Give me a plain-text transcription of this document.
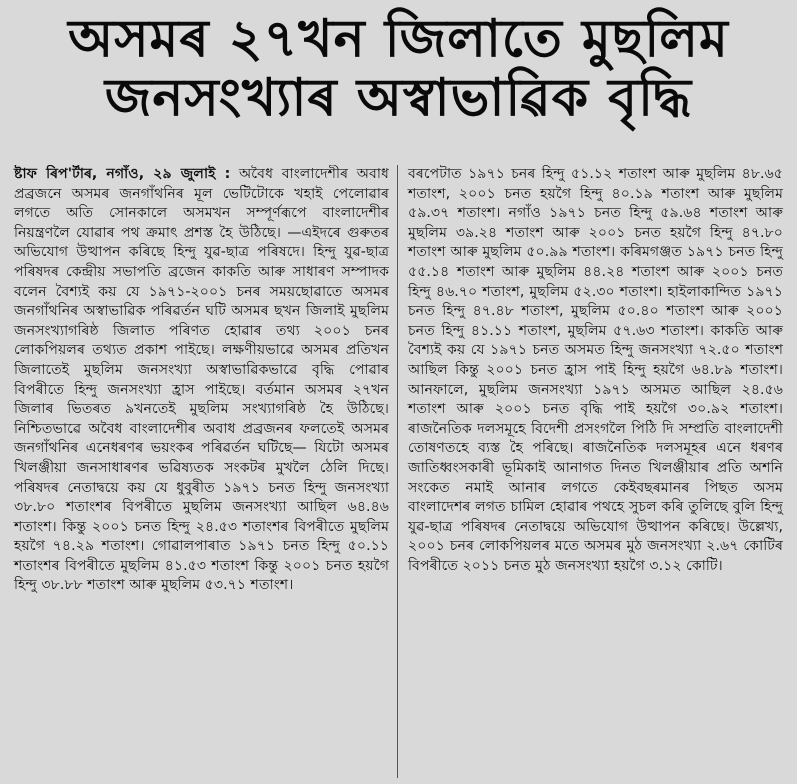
অসমৰ ২৭খন জিলাতে মুছলিম
জনসংখ্যাৰ অস্বাভাৱিক বৃদ্ধি

ষ্টাফ ৰিপ'ৰ্টাৰ, নগাঁও, ২৯ জুলাই : অবৈধ বাংলাদেশীৰ অবাধ প্ৰব্ৰজনে অসমৰ জনগাঁথনিৰ মূল ভেটিটোকে খহাই পেলোৱাৰ লগতে অতি সোনকালে অসমখন সম্পূৰ্ণৰূপে বাংলাদেশীৰ নিয়ন্ত্ৰণলৈ যোৱাৰ পথ ক্ৰমাৎ প্ৰশস্ত হৈ উঠিছে। —এইদৰে গুৰুতৰ অভিযোগ উত্থাপন কৰিছে হিন্দু যুৱ-ছাত্ৰ পৰিষদে। হিন্দু যুৱ-ছাত্ৰ পৰিষদৰ কেন্দ্ৰীয় সভাপতি ব্ৰজেন কাকতি আৰু সাধাৰণ সম্পাদক বলেন বৈশ্যই কয় যে ১৯৭১-২০০১ চনৰ সময়ছোৱাতে অসমৰ জনগাঁথনিৰ অস্বাভাৱিক পৰিৱৰ্তন ঘটি অসমৰ ছখন জিলাই মুছলিম জনসংখ্যাগৰিষ্ঠ জিলাত পৰিণত হোৱাৰ তথ্য ২০০১ চনৰ লোকপিয়লৰ তথ্যত প্ৰকাশ পাইছে। লক্ষণীয়ভাৱে অসমৰ প্ৰতিখন জিলাতেই মুছলিম জনসংখ্যা অস্বাভাৱিকভাৱে বৃদ্ধি পোৱাৰ বিপৰীতে হিন্দু জনসংখ্যা হ্ৰাস পাইছে। বৰ্তমান অসমৰ ২৭খন জিলাৰ ভিতৰত ৯খনতেই মুছলিম সংখ্যাগৰিষ্ঠ হৈ উঠিছে। নিশ্চিতভাৱে অবৈধ বাংলাদেশীৰ অবাধ প্ৰব্ৰজনৰ ফলতেই অসমৰ জনগাঁথনিৰ এনেধৰণৰ ভয়ংকৰ পৰিৱৰ্তন ঘটিছে— যিটো অসমৰ খিলঞ্জীয়া জনসাধাৰণৰ ভৱিষ্যতক সংকটৰ মুখলৈ ঠেলি দিছে। পৰিষদৰ নেতাদ্বয়ে কয় যে ধুবুৰীত ১৯৭১ চনত হিন্দু জনসংখ্যা ৩৮.৮০ শতাংশৰ বিপৰীতে মুছলিম জনসংখ্যা আছিল ৬৪.৪৬ শতাংশ। কিন্তু ২০০১ চনত হিন্দু ২৪.৫৩ শতাংশৰ বিপৰীতে মুছলিম হয়গৈ ৭৪.২৯ শতাংশ। গোৱালপাৰাত ১৯৭১ চনত হিন্দু ৫০.১১ শতাংশৰ বিপৰীতে মুছলিম ৪১.৫৩ শতাংশ কিন্তু ২০০১ চনত হয়গৈ হিন্দু ৩৮.৮৮ শতাংশ আৰু মুছলিম ৫৩.৭১ শতাংশ।

বৰপেটাত ১৯৭১ চনৰ হিন্দু ৫১.১২ শতাংশ আৰু মুছলিম ৪৮.৬৫ শতাংশ, ২০০১ চনত হয়গৈ হিন্দু ৪০.১৯ শতাংশ আৰু মুছলিম ৫৯.৩৭ শতাংশ। নগাঁও ১৯৭১ চনত হিন্দু ৫৯.৬৪ শতাংশ আৰু মুছলিম ৩৯.২৪ শতাংশ আৰু ২০০১ চনত হয়গৈ হিন্দু ৪৭.৮০ শতাংশ আৰু মুছলিম ৫০.৯৯ শতাংশ। কৰিমগঞ্জত ১৯৭১ চনত হিন্দু ৫৫.১৪ শতাংশ আৰু মুছলিম ৪৪.২৪ শতাংশ আৰু ২০০১ চনত হিন্দু ৪৬.৭০ শতাংশ, মুছলিম ৫২.৩০ শতাংশ। হাইলাকান্দিত ১৯৭১ চনত হিন্দু ৪৭.৪৮ শতাংশ, মুছলিম ৫০.৪০ শতাংশ আৰু ২০০১ চনত হিন্দু ৪১.১১ শতাংশ, মুছলিম ৫৭.৬৩ শতাংশ। কাকতি আৰু বৈশ্যই কয় যে ১৯৭১ চনত অসমত হিন্দু জনসংখ্যা ৭২.৫০ শতাংশ আছিল কিন্তু ২০০১ চনত হ্ৰাস পাই হিন্দু হয়গৈ ৬৪.৮৯ শতাংশ। আনফালে, মুছলিম জনসংখ্যা ১৯৭১ অসমত আছিল ২৪.৫৬ শতাংশ আৰু ২০০১ চনত বৃদ্ধি পাই হয়গৈ ৩০.৯২ শতাংশ। ৰাজনৈতিক দলসমূহে বিদেশী প্ৰসংগলৈ পিঠি দি সম্প্ৰতি বাংলাদেশী তোষণতহে ব্যস্ত হৈ পৰিছে। ৰাজনৈতিক দলসমূহৰ এনে ধৰণৰ জাতিধ্বংসকাৰী ভূমিকাই আনাগত দিনত খিলঞ্জীয়াৰ প্ৰতি অশনি সংকেত নমাই আনাৰ লগতে কেইবছৰমানৰ পিছত অসম বাংলাদেশৰ লগত চামিল হোৱাৰ পথহে সুচল কৰি তুলিছে বুলি হিন্দু যুৱ-ছাত্ৰ পৰিষদৰ নেতাদ্বয়ে অভিযোগ উত্থাপন কৰিছে। উল্লেখ্য, ২০০১ চনৰ লোকপিয়লৰ মতে অসমৰ মুঠ জনসংখ্যা ২.৬৭ কোটিৰ বিপৰীতে ২০১১ চনত মুঠ জনসংখ্যা হয়গৈ ৩.১২ কোটি।
